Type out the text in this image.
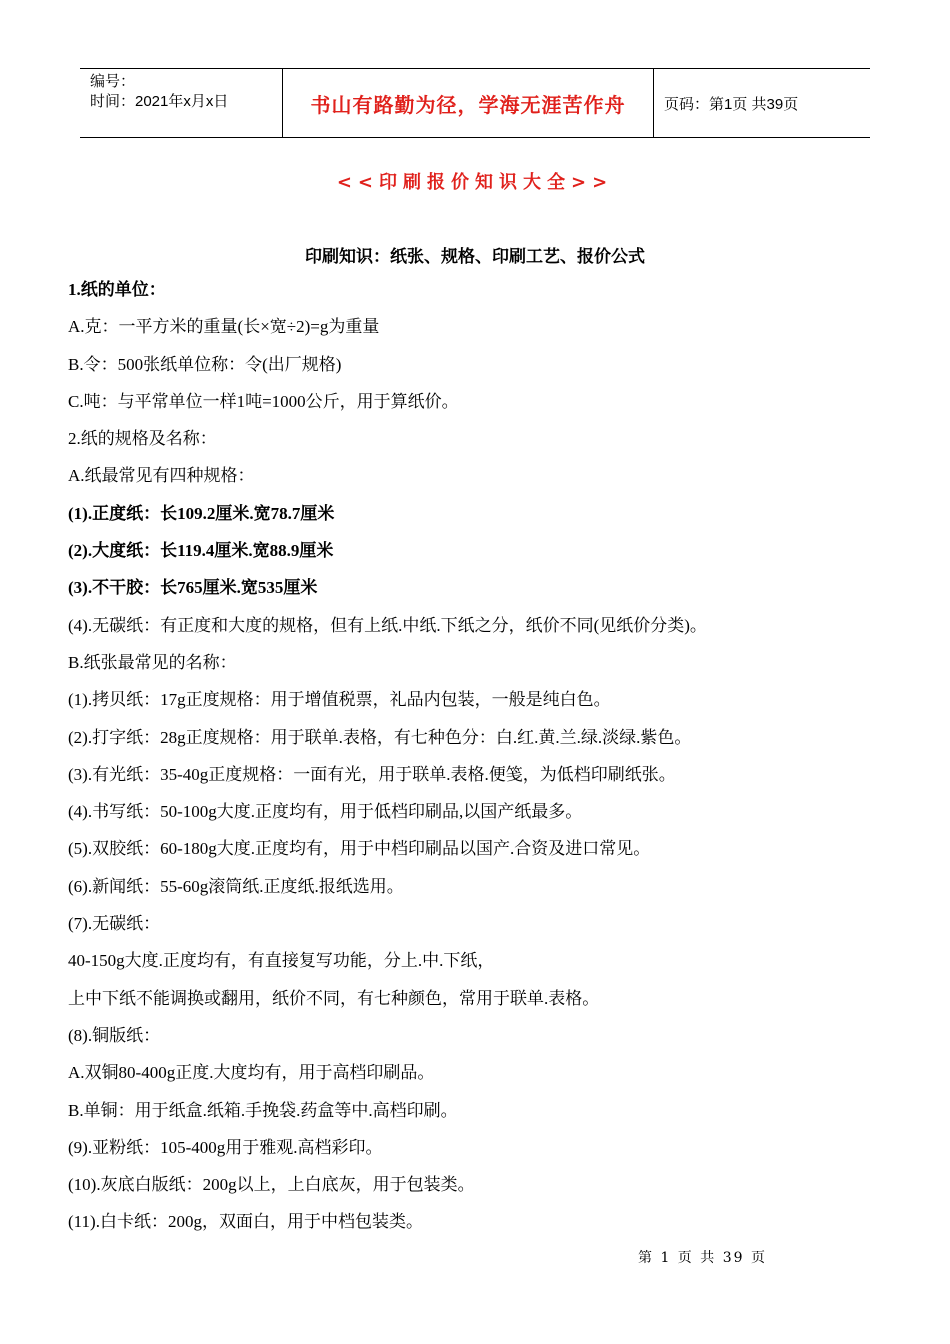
编号：
时间：2021年x月x日	书山有路勤为径，学海无涯苦作舟	页码：第1页 共39页
<<印刷报价知识大全>>
印刷知识：纸张、规格、印刷工艺、报价公式
1.纸的单位：
A.克：一平方米的重量(长×宽÷2)=g为重量
B.令：500张纸单位称：令(出厂规格)
C.吨：与平常单位一样1吨=1000公斤，用于算纸价。
2.纸的规格及名称：
A.纸最常见有四种规格：
(1).正度纸：长109.2厘米.宽78.7厘米
(2).大度纸：长119.4厘米.宽88.9厘米
(3).不干胶：长765厘米.宽535厘米
(4).无碳纸：有正度和大度的规格，但有上纸.中纸.下纸之分，纸价不同(见纸价分类)。
B.纸张最常见的名称：
(1).拷贝纸：17g正度规格：用于增值税票，礼品内包装，一般是纯白色。
(2).打字纸：28g正度规格：用于联单.表格，有七种色分：白.红.黄.兰.绿.淡绿.紫色。
(3).有光纸：35-40g正度规格：一面有光，用于联单.表格.便笺，为低档印刷纸张。
(4).书写纸：50-100g大度.正度均有，用于低档印刷品,以国产纸最多。
(5).双胶纸：60-180g大度.正度均有，用于中档印刷品以国产.合资及进口常见。
(6).新闻纸：55-60g滚筒纸.正度纸.报纸选用。
(7).无碳纸：
40-150g大度.正度均有，有直接复写功能，分上.中.下纸，
上中下纸不能调换或翻用，纸价不同，有七种颜色，常用于联单.表格。
(8).铜版纸：
A.双铜80-400g正度.大度均有，用于高档印刷品。
B.单铜：用于纸盒.纸箱.手挽袋.药盒等中.高档印刷。
(9).亚粉纸：105-400g用于雅观.高档彩印。
(10).灰底白版纸：200g以上，上白底灰，用于包装类。
(11).白卡纸：200g，双面白，用于中档包装类。
第 1 页 共 39 页
